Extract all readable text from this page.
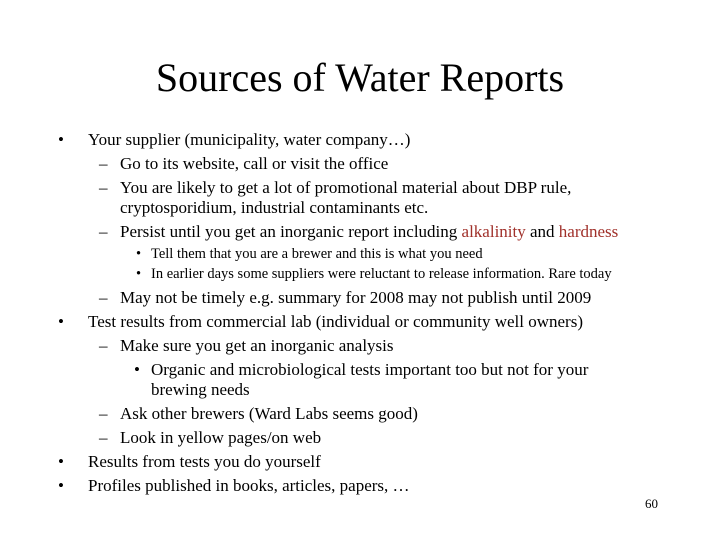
Sources of Water Reports
• Your supplier (municipality, water company…)
– Go to its website, call or visit the office
– You are likely to get a lot of promotional material about DBP rule,
cryptosporidium, industrial contaminants etc.
– Persist until you get an inorganic report including alkalinity and hardness
• Tell them that you are a brewer and this is what you need
• In earlier days some suppliers were reluctant to release information. Rare today
– May not be timely e.g. summary for 2008 may not publish until 2009
• Test results from commercial lab (individual or community well owners)
– Make sure you get an inorganic analysis
• Organic and microbiological tests important too but not for your
brewing needs
– Ask other brewers (Ward Labs seems good)
– Look in yellow pages/on web
• Results from tests you do yourself
• Profiles published in books, articles, papers, …
60
